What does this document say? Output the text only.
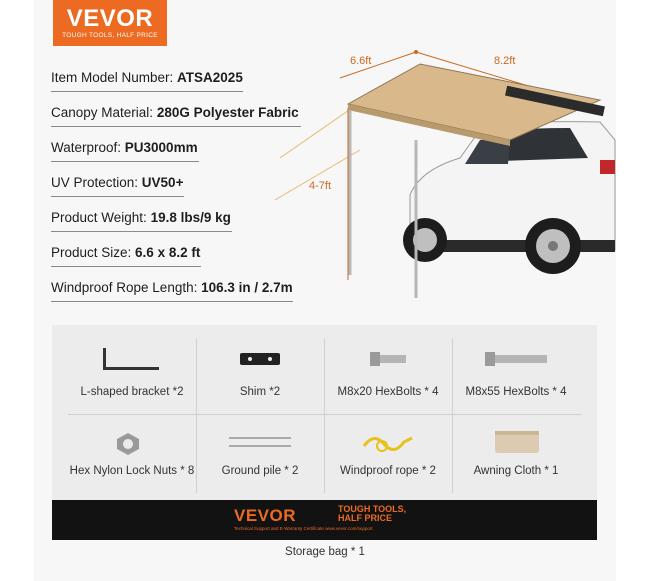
VEVOR
TOUGH TOOLS, HALF PRICE
Item Model Number: ATSA2025
Canopy Material: 280G Polyester Fabric
Waterproof: PU3000mm
UV Protection: UV50+
Product Weight: 19.8 lbs/9 kg
Product Size: 6.6 x 8.2 ft
Windproof Rope Length: 106.3 in / 2.7m
6.6ft	8.2ft
4-7ft
L-shaped bracket *2	Shim *2	M8x20 HexBolts * 4	M8x55 HexBolts * 4
Hex Nylon Lock Nuts * 8	Ground pile * 2	Windproof rope * 2	Awning Cloth * 1
VEVOR	TOUGH TOOLS,
HALF PRICE
Technical Support and E-Warranty Certificate www.vevor.com/support
Storage bag * 1
